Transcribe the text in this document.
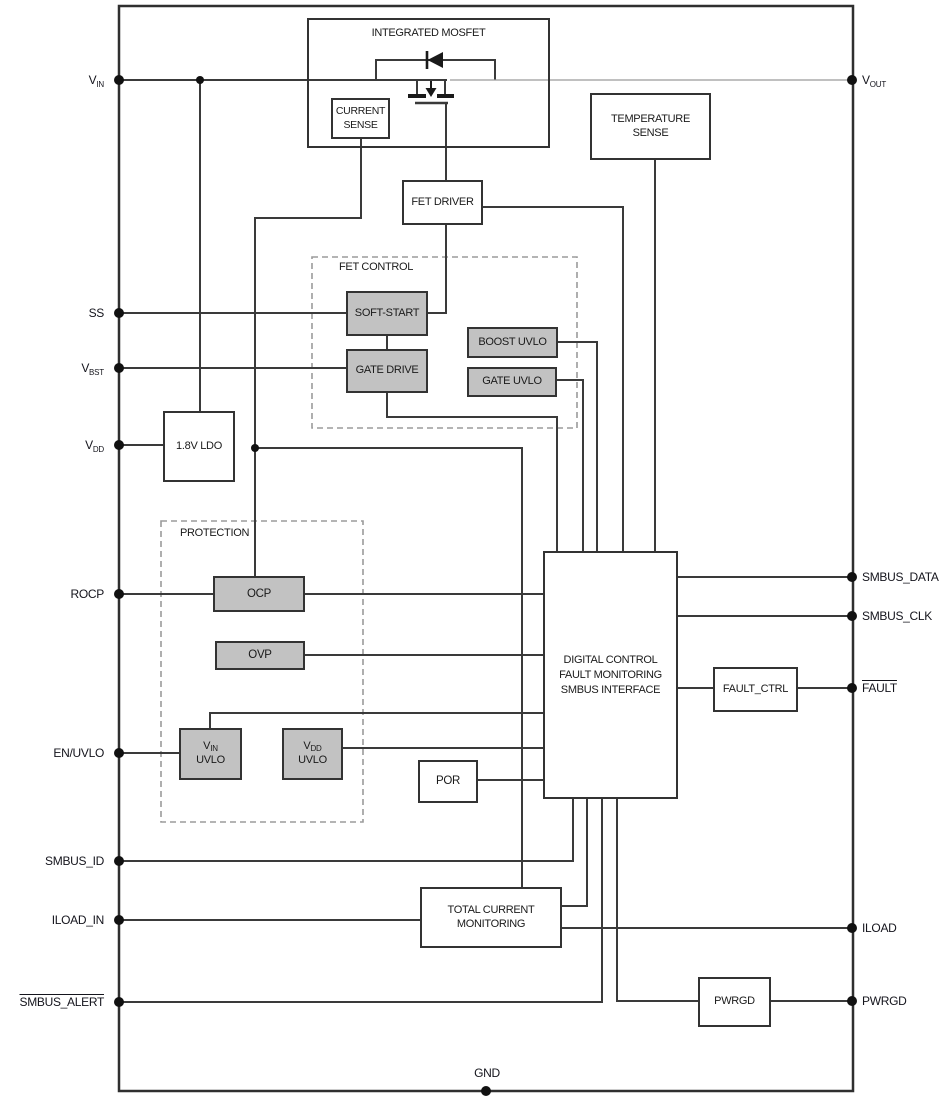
INTEGRATED MOSFET
CURRENT SENSE	TEMPERATURE SENSE
FET DRIVER
SOFT-START
GATE DRIVE
BOOST UVLO
GATE UVLO
1.8V LDO
OCP
OVP
$V_{IN}$
UVLO
$V_{DD}$
UVLO
DIGITAL CONTROL
FAULT MONITORING
SMBUS INTERFACE	FAULT_CTRL
POR
TOTAL CURRENT MONITORING
PWRGD
FET CONTROL
PROTECTION
$V_{IN}$
SS
$V_{BST}$
$V_{DD}$
ROCP
EN/UVLO
SMBUS_ID
ILOAD_IN
SMBUS_ALERT
$V_{OUT}$
SMBUS_DATA
SMBUS_CLK
FAULT
ILOAD
PWRGD
GND
